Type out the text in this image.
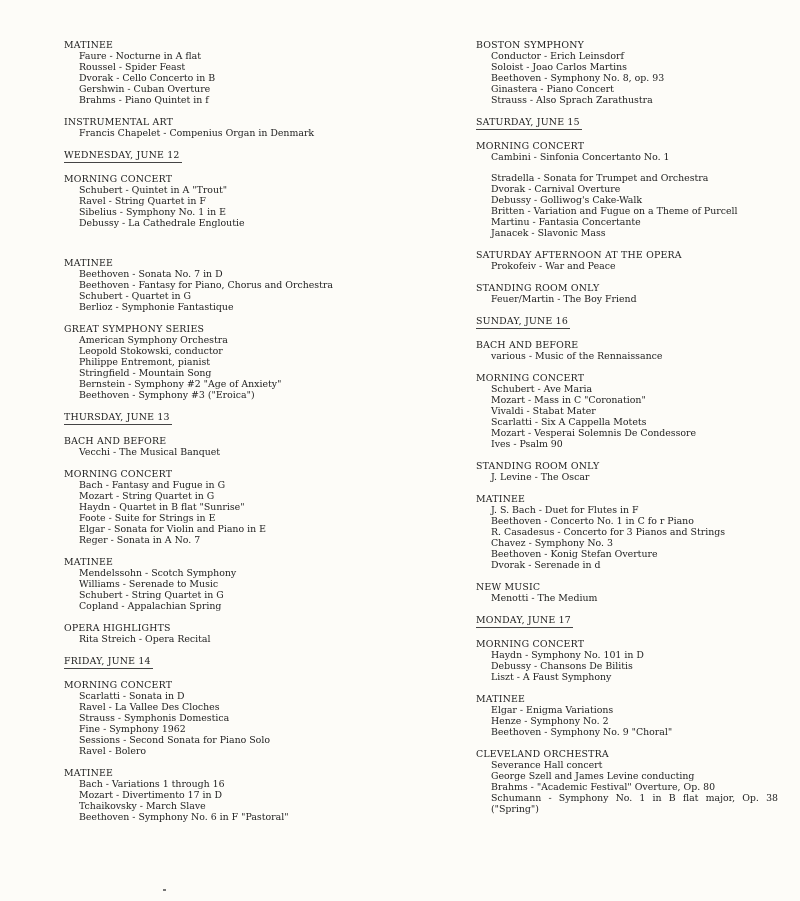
MATINEE
Faure - Nocturne in A flat
Roussel - Spider Feast
Dvorak - Cello Concerto in B
Gershwin - Cuban Overture
Brahms - Piano Quintet in f
INSTRUMENTAL ART
Francis Chapelet - Compenius Organ in Denmark
WEDNESDAY, JUNE 12
MORNING CONCERT
Schubert - Quintet in A "Trout"
Ravel - String Quartet in F
Sibelius - Symphony No. 1 in E
Debussy - La Cathedrale Engloutie
MATINEE
Beethoven - Sonata No. 7 in D
Beethoven - Fantasy for Piano, Chorus and Orchestra
Schubert - Quartet in G
Berlioz - Symphonie Fantastique
GREAT SYMPHONY SERIES
American Symphony Orchestra
Leopold Stokowski, conductor
Philippe Entremont, pianist
Stringfield - Mountain Song
Bernstein - Symphony #2 "Age of Anxiety"
Beethoven - Symphony #3 ("Eroica")
THURSDAY, JUNE 13
BACH AND BEFORE
Vecchi - The Musical Banquet
MORNING CONCERT
Bach - Fantasy and Fugue in G
Mozart - String Quartet in G
Haydn - Quartet in B flat "Sunrise"
Foote - Suite for Strings in E
Elgar - Sonata for Violin and Piano in E
Reger - Sonata in A No. 7
MATINEE
Mendelssohn - Scotch Symphony
Williams - Serenade to Music
Schubert - String Quartet in G
Copland - Appalachian Spring
OPERA HIGHLIGHTS
Rita Streich - Opera Recital
FRIDAY, JUNE 14
MORNING CONCERT
Scarlatti - Sonata in D
Ravel - La Vallee Des Cloches
Strauss - Symphonis Domestica
Fine - Symphony 1962
Sessions - Second Sonata for Piano Solo
Ravel - Bolero
MATINEE
Bach - Variations 1 through 16
Mozart - Divertimento 17 in D
Tchaikovsky - March Slave
Beethoven - Symphony No. 6 in F "Pastoral"
BOSTON SYMPHONY
Conductor - Erich Leinsdorf
Soloist - Joao Carlos Martins
Beethoven - Symphony No. 8, op. 93
Ginastera - Piano Concert
Strauss - Also Sprach Zarathustra
SATURDAY, JUNE 15
MORNING CONCERT
Cambini - Sinfonia Concertanto No. 1
Stradella - Sonata for Trumpet and Orchestra
Dvorak - Carnival Overture
Debussy - Golliwog's Cake-Walk
Britten - Variation and Fugue on a Theme of Purcell
Martinu - Fantasia Concertante
Janacek - Slavonic Mass
SATURDAY AFTERNOON AT THE OPERA
Prokofeiv - War and Peace
STANDING ROOM ONLY
Feuer/Martin - The Boy Friend
SUNDAY, JUNE 16
BACH AND BEFORE
various - Music of the Rennaissance
MORNING CONCERT
Schubert - Ave Maria
Mozart - Mass in C "Coronation"
Vivaldi - Stabat Mater
Scarlatti - Six A Cappella Motets
Mozart - Vesperai Solemnis De Condessore
Ives - Psalm 90
STANDING ROOM ONLY
J. Levine - The Oscar
MATINEE
J. S. Bach - Duet for Flutes in F
Beethoven - Concerto No. 1 in C fo r Piano
R. Casadesus - Concerto for 3 Pianos and Strings
Chavez - Symphony No. 3
Beethoven - Konig Stefan Overture
Dvorak - Serenade in d
NEW MUSIC
Menotti - The Medium
MONDAY, JUNE 17
MORNING CONCERT
Haydn - Symphony No. 101 in D
Debussy - Chansons De Bilitis
Liszt - A Faust Symphony
MATINEE
Elgar - Enigma Variations
Henze - Symphony No. 2
Beethoven - Symphony No. 9 "Choral"
CLEVELAND ORCHESTRA
Severance Hall concert
George Szell and James Levine conducting
Brahms - "Academic Festival" Overture, Op. 80
Schumann - Symphony No. 1 in B flat major, Op. 38 ("Spring")
